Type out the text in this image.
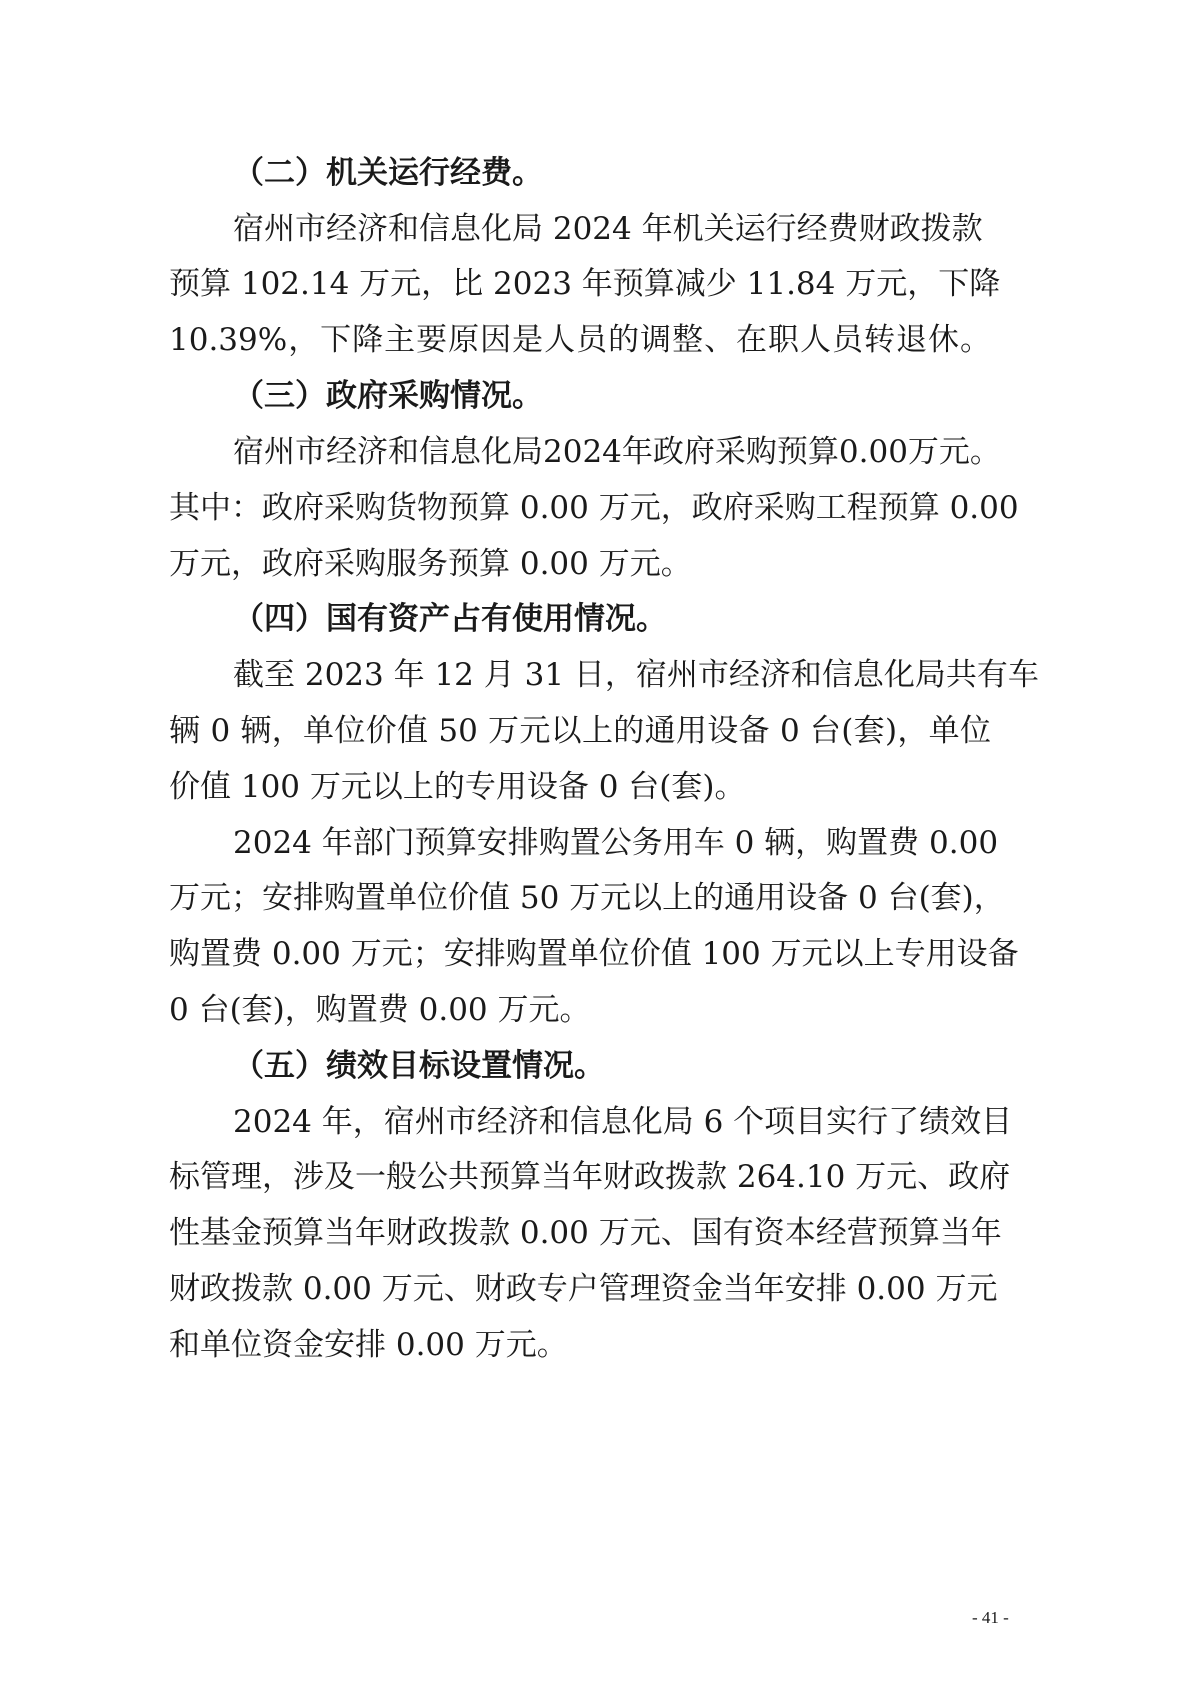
（二）机关运行经费。
宿州市经济和信息化局 2024 年机关运行经费财政拨款
预算 102.14 万元，比 2023 年预算减少 11.84 万元，下降
10.39%，下降主要原因是人员的调整、在职人员转退休。
（三）政府采购情况。
宿州市经济和信息化局2024年政府采购预算0.00万元。
其中：政府采购货物预算 0.00 万元，政府采购工程预算 0.00
万元，政府采购服务预算 0.00 万元。
（四）国有资产占有使用情况。
截至 2023 年 12 月 31 日，宿州市经济和信息化局共有车
辆 0 辆，单位价值 50 万元以上的通用设备 0 台(套)，单位
价值 100 万元以上的专用设备 0 台(套)。
2024 年部门预算安排购置公务用车 0 辆，购置费 0.00
万元；安排购置单位价值 50 万元以上的通用设备 0 台(套)，
购置费 0.00 万元；安排购置单位价值 100 万元以上专用设备
0 台(套)，购置费 0.00 万元。
（五）绩效目标设置情况。
2024 年，宿州市经济和信息化局 6 个项目实行了绩效目
标管理，涉及一般公共预算当年财政拨款 264.10 万元、政府
性基金预算当年财政拨款 0.00 万元、国有资本经营预算当年
财政拨款 0.00 万元、财政专户管理资金当年安排 0.00 万元
和单位资金安排 0.00 万元。
- 41 -
